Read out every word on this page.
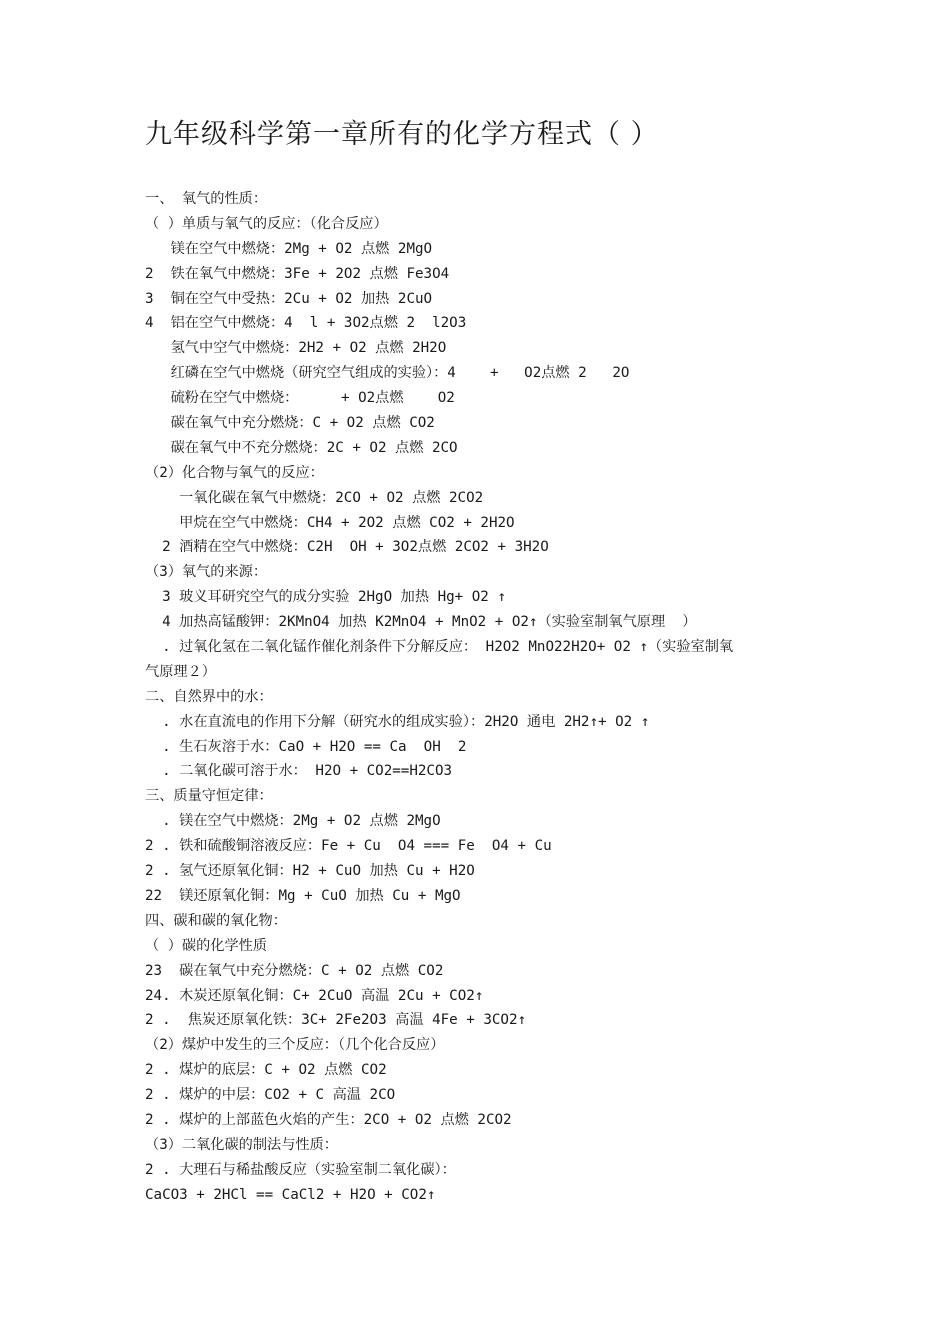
九年级科学第一章所有的化学方程式（ ）
一、 氧气的性质：
（ ）单质与氧气的反应：（化合反应）
镁在空气中燃烧：2Mg + O2 点燃 2MgO
2  铁在氧气中燃烧：3Fe + 2O2 点燃 Fe3O4
3  铜在空气中受热：2Cu + O2 加热 2CuO
4  铝在空气中燃烧：4  l + 3O2点燃 2  l2O3
氢气中空气中燃烧：2H2 + O2 点燃 2H2O
红磷在空气中燃烧（研究空气组成的实验）：4    +   O2点燃 2   2O
硫粉在空气中燃烧：     + O2点燃    O2
碳在氧气中充分燃烧：C + O2 点燃 CO2
碳在氧气中不充分燃烧：2C + O2 点燃 2CO
（2）化合物与氧气的反应：
一氧化碳在氧气中燃烧：2CO + O2 点燃 2CO2
甲烷在空气中燃烧：CH4 + 2O2 点燃 CO2 + 2H2O
2 酒精在空气中燃烧：C2H  OH + 3O2点燃 2CO2 + 3H2O
（3）氧气的来源：
3 玻义耳研究空气的成分实验 2HgO 加热 Hg+ O2 ↑
4 加热高锰酸钾：2KMnO4 加热 K2MnO4 + MnO2 + O2↑（实验室制氧气原理  ）
. 过氧化氢在二氧化锰作催化剂条件下分解反应： H2O2 MnO22H2O+ O2 ↑（实验室制氧
气原理２）
二、自然界中的水：
. 水在直流电的作用下分解（研究水的组成实验）：2H2O 通电 2H2↑+ O2 ↑
. 生石灰溶于水：CaO + H2O == Ca  OH  2
. 二氧化碳可溶于水： H2O + CO2==H2CO3
三、质量守恒定律：
. 镁在空气中燃烧：2Mg + O2 点燃 2MgO
2 . 铁和硫酸铜溶液反应：Fe + Cu  O4 === Fe  O4 + Cu
2 . 氢气还原氧化铜：H2 + CuO 加热 Cu + H2O
22  镁还原氧化铜：Mg + CuO 加热 Cu + MgO
四、碳和碳的氧化物：
（ ）碳的化学性质
23  碳在氧气中充分燃烧：C + O2 点燃 CO2
24. 木炭还原氧化铜：C+ 2CuO 高温 2Cu + CO2↑
2 .  焦炭还原氧化铁：3C+ 2Fe2O3 高温 4Fe + 3CO2↑
（2）煤炉中发生的三个反应：（几个化合反应）
2 . 煤炉的底层：C + O2 点燃 CO2
2 . 煤炉的中层：CO2 + C 高温 2CO
2 . 煤炉的上部蓝色火焰的产生：2CO + O2 点燃 2CO2
（3）二氧化碳的制法与性质：
2 . 大理石与稀盐酸反应（实验室制二氧化碳）：
CaCO3 + 2HCl == CaCl2 + H2O + CO2↑
